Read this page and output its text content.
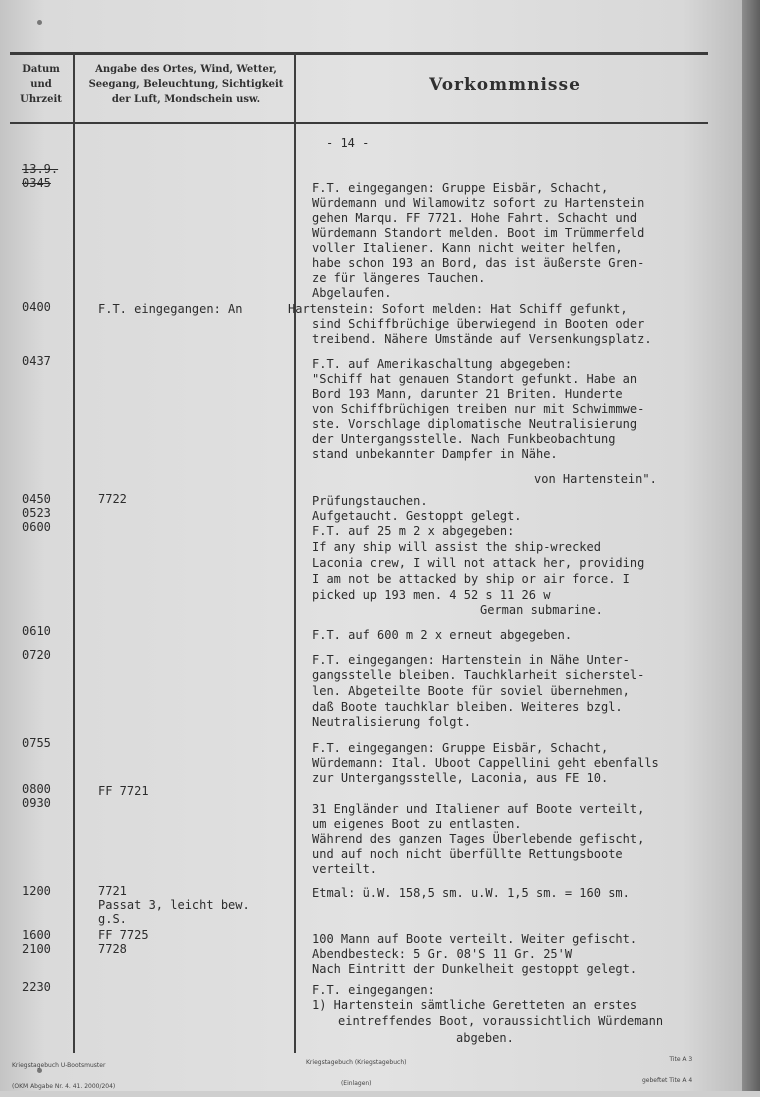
Datum
und
Uhrzeit
Angabe des Ortes, Wind, Wetter,
Seegang, Beleuchtung, Sichtigkeit
der Luft, Mondschein usw.
Vorkommnisse
- 14 -
13.9.
0345
0400
0437
0450
0523
0600
0610
0720
0755
0800
0930
1200
1600
2100
2230
F.T. eingegangen: An
7722
FF 7721
7721
Passat 3, leicht bew.
g.S.
FF 7725
7728
F.T. eingegangen: Gruppe Eisbär, Schacht,
Würdemann und Wilamowitz sofort zu Hartenstein
gehen Marqu. FF 7721. Hohe Fahrt. Schacht und
Würdemann Standort melden. Boot im Trümmerfeld
voller Italiener. Kann nicht weiter helfen,
habe schon 193 an Bord, das ist äußerste Gren-
ze für längeres Tauchen.
Abgelaufen.
Hartenstein: Sofort melden: Hat Schiff gefunkt,
sind Schiffbrüchige überwiegend in Booten oder
treibend. Nähere Umstände auf Versenkungsplatz.
F.T. auf Amerikaschaltung abgegeben:
"Schiff hat genauen Standort gefunkt. Habe an
Bord 193 Mann, darunter 21 Briten. Hunderte
von Schiffbrüchigen treiben nur mit Schwimmwe-
ste. Vorschlage diplomatische Neutralisierung
der Untergangsstelle. Nach Funkbeobachtung
stand unbekannter Dampfer in Nähe.
von Hartenstein".
Prüfungstauchen.
Aufgetaucht. Gestoppt gelegt.
F.T. auf 25 m 2 x abgegeben:
If any ship will assist the ship-wrecked
Laconia crew, I will not attack her, providing
I am not be attacked by ship or air force. I
picked up 193 men. 4 52 s 11 26 w
German submarine.
F.T. auf 600 m 2 x erneut abgegeben.
F.T. eingegangen: Hartenstein in Nähe Unter-
gangsstelle bleiben. Tauchklarheit sicherstel-
len. Abgeteilte Boote für soviel übernehmen,
daß Boote tauchklar bleiben. Weiteres bzgl.
Neutralisierung folgt.
F.T. eingegangen: Gruppe Eisbär, Schacht,
Würdemann: Ital. Uboot Cappellini geht ebenfalls
zur Untergangsstelle, Laconia, aus FE 10.
31 Engländer und Italiener auf Boote verteilt,
um eigenes Boot zu entlasten.
Während des ganzen Tages Überlebende gefischt,
und auf noch nicht überfüllte Rettungsboote
verteilt.
Etmal: ü.W. 158,5 sm. u.W. 1,5 sm. = 160 sm.
100 Mann auf Boote verteilt. Weiter gefischt.
Abendbesteck: 5 Gr. 08'S 11 Gr. 25'W
Nach Eintritt der Dunkelheit gestoppt gelegt.
F.T. eingegangen:
1) Hartenstein sämtliche Geretteten an erstes
eintreffendes Boot, voraussichtlich Würdemann
abgeben.

Kriegstagebuch U-Bootsmuster

(OKM Abgabe Nr. 4. 41. 2000/204)

Kriegstagebuch (Kriegstagebuch)

(Einlagen)

Tite A 3

gebeftet Tite A 4
